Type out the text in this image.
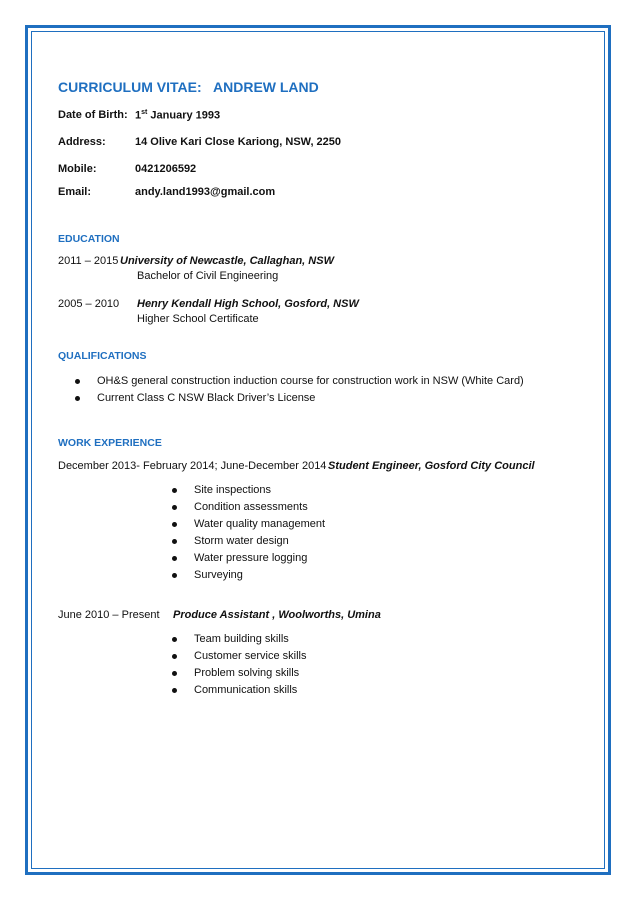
CURRICULUM VITAE: ANDREW LAND
Date of Birth: 1st January 1993
Address:	14 Olive Kari Close Kariong, NSW, 2250
Mobile:	0421206592
Email:	andy.land1993@gmail.com
EDUCATION
2011 – 2015 University of Newcastle, Callaghan, NSW
Bachelor of Civil Engineering
2005 – 2010 Henry Kendall High School, Gosford, NSW
Higher School Certificate
QUALIFICATIONS
OH&S general construction induction course for construction work in NSW (White Card)
Current Class C NSW Black Driver’s License
WORK EXPERIENCE
December 2013- February 2014; June-December 2014 Student Engineer, Gosford City Council
Site inspections
Condition assessments
Water quality management
Storm water design
Water pressure logging
Surveying
June 2010 – Present Produce Assistant , Woolworths, Umina
Team building skills
Customer service skills
Problem solving skills
Communication skills
